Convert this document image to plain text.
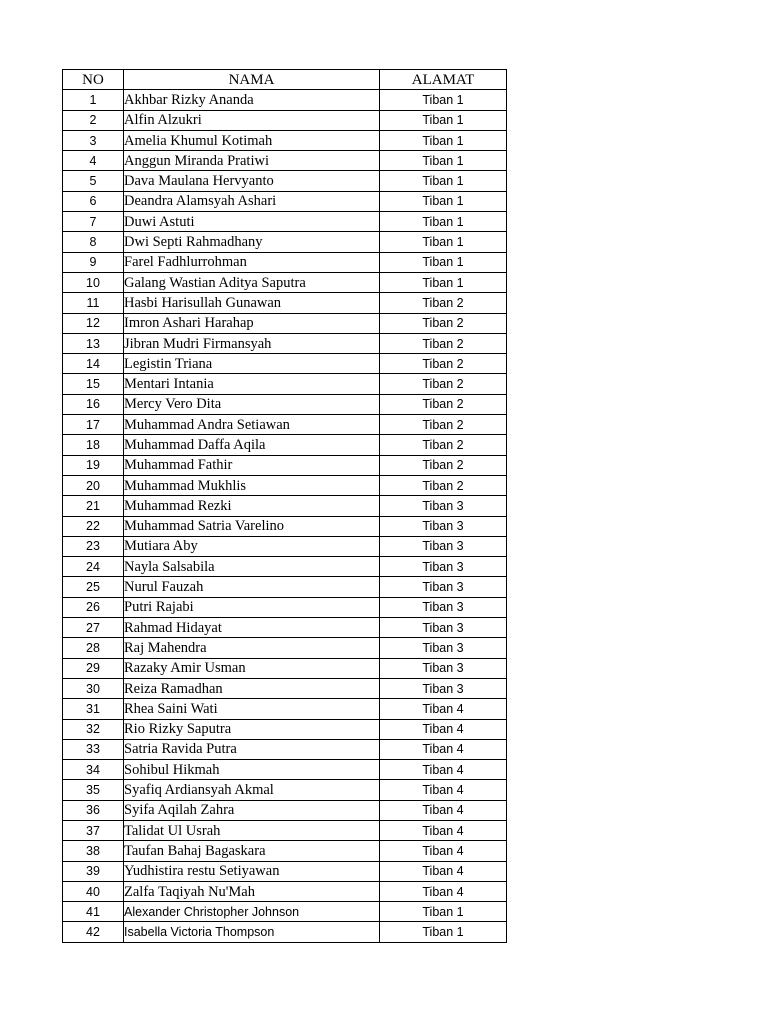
NO	NAMA	ALAMAT
1	Akhbar Rizky Ananda	Tiban 1
2	Alfin Alzukri	Tiban 1
3	Amelia Khumul Kotimah	Tiban 1
4	Anggun Miranda Pratiwi	Tiban 1
5	Dava Maulana Hervyanto	Tiban 1
6	Deandra Alamsyah Ashari	Tiban 1
7	Duwi Astuti	Tiban 1
8	Dwi Septi Rahmadhany	Tiban 1
9	Farel Fadhlurrohman	Tiban 1
10	Galang Wastian Aditya Saputra	Tiban 1
11	Hasbi Harisullah Gunawan	Tiban 2
12	Imron Ashari Harahap	Tiban 2
13	Jibran Mudri Firmansyah	Tiban 2
14	Legistin Triana	Tiban 2
15	Mentari Intania	Tiban 2
16	Mercy Vero Dita	Tiban 2
17	Muhammad Andra Setiawan	Tiban 2
18	Muhammad Daffa Aqila	Tiban 2
19	Muhammad Fathir	Tiban 2
20	Muhammad Mukhlis	Tiban 2
21	Muhammad Rezki	Tiban 3
22	Muhammad Satria Varelino	Tiban 3
23	Mutiara Aby	Tiban 3
24	Nayla Salsabila	Tiban 3
25	Nurul Fauzah	Tiban 3
26	Putri Rajabi	Tiban 3
27	Rahmad Hidayat	Tiban 3
28	Raj Mahendra	Tiban 3
29	Razaky Amir Usman	Tiban 3
30	Reiza Ramadhan	Tiban 3
31	Rhea Saini Wati	Tiban 4
32	Rio Rizky Saputra	Tiban 4
33	Satria Ravida Putra	Tiban 4
34	Sohibul Hikmah	Tiban 4
35	Syafiq Ardiansyah Akmal	Tiban 4
36	Syifa Aqilah Zahra	Tiban 4
37	Talidat Ul Usrah	Tiban 4
38	Taufan Bahaj Bagaskara	Tiban 4
39	Yudhistira restu Setiyawan	Tiban 4
40	Zalfa Taqiyah Nu'Mah	Tiban 4
41	Alexander Christopher Johnson	Tiban 1
42	Isabella Victoria Thompson	Tiban 1
